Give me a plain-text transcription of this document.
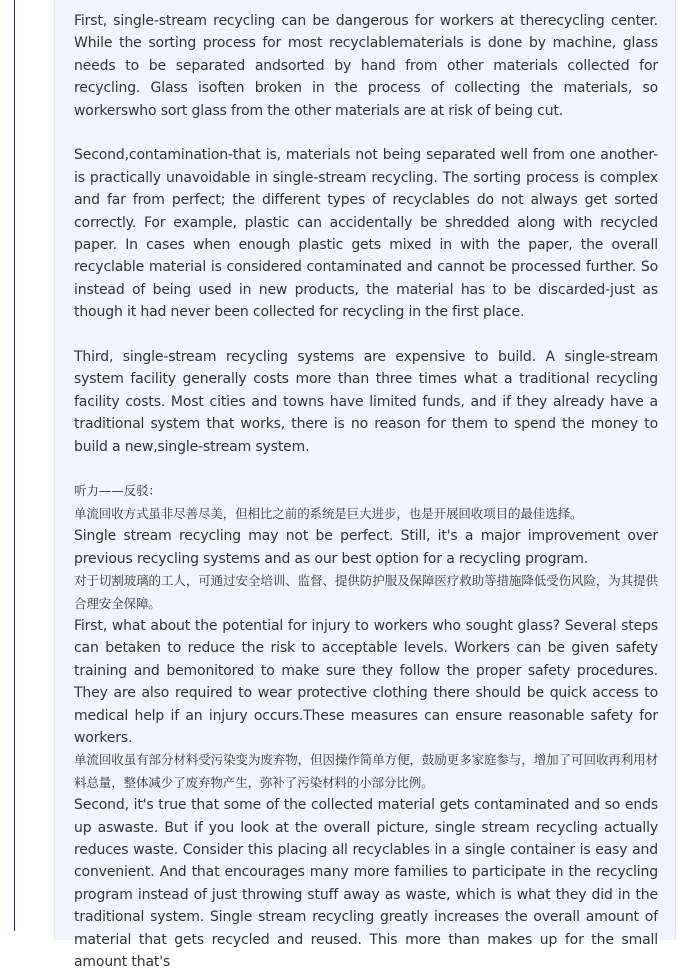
First, single-stream recycling can be dangerous for workers at therecycling center. While the sorting process for most recyclablematerials is done by machine, glass needs to be separated andsorted by hand from other materials collected for recycling. Glass isoften broken in the process of collecting the materials, so workerswho sort glass from the other materials are at risk of being cut.

Second,contamination-that is, materials not being separated well from one another-is practically unavoidable in single-stream recycling. The sorting process is complex and far from perfect; the different types of recyclables do not always get sorted correctly. For example, plastic can accidentally be shredded along with recycled paper. In cases when enough plastic gets mixed in with the paper, the overall recyclable material is considered contaminated and cannot be processed further. So instead of being used in new products, the material has to be discarded-just as though it had never been collected for recycling in the first place.

Third, single-stream recycling systems are expensive to build. A single-stream system facility generally costs more than three times what a traditional recycling facility costs. Most cities and towns have limited funds, and if they already have a traditional system that works, there is no reason for them to spend the money to build a new,single-stream system.

听力——反驳：

单流回收方式虽非尽善尽美，但相比之前的系统是巨大进步，也是开展回收项目的最佳选择。

Single stream recycling may not be perfect. Still, it's a major improvement over previous recycling systems and as our best option for a recycling program.

对于切割玻璃的工人，可通过安全培训、监督、提供防护服及保障医疗救助等措施降低受伤风险，为其提供合理安全保障。

First, what about the potential for injury to workers who sought glass? Several steps can betaken to reduce the risk to acceptable levels. Workers can be given safety training and bemonitored to make sure they follow the proper safety procedures. They are also required to wear protective clothing there should be quick access to medical help if an injury occurs.These measures can ensure reasonable safety for workers.

单流回收虽有部分材料受污染变为废弃物，但因操作简单方便，鼓励更多家庭参与，增加了可回收再利用材料总量，整体减少了废弃物产生，弥补了污染材料的小部分比例。

Second, it's true that some of the collected material gets contaminated and so ends up aswaste. But if you look at the overall picture, single stream recycling actually reduces waste. Consider this placing all recyclables in a single container is easy and convenient. And that encourages many more families to participate in the recycling program instead of just throwing stuff away as waste, which is what they did in the traditional system. Single stream recycling greatly increases the overall amount of material that gets recycled and reused. This more than makes up for the small amount that's
